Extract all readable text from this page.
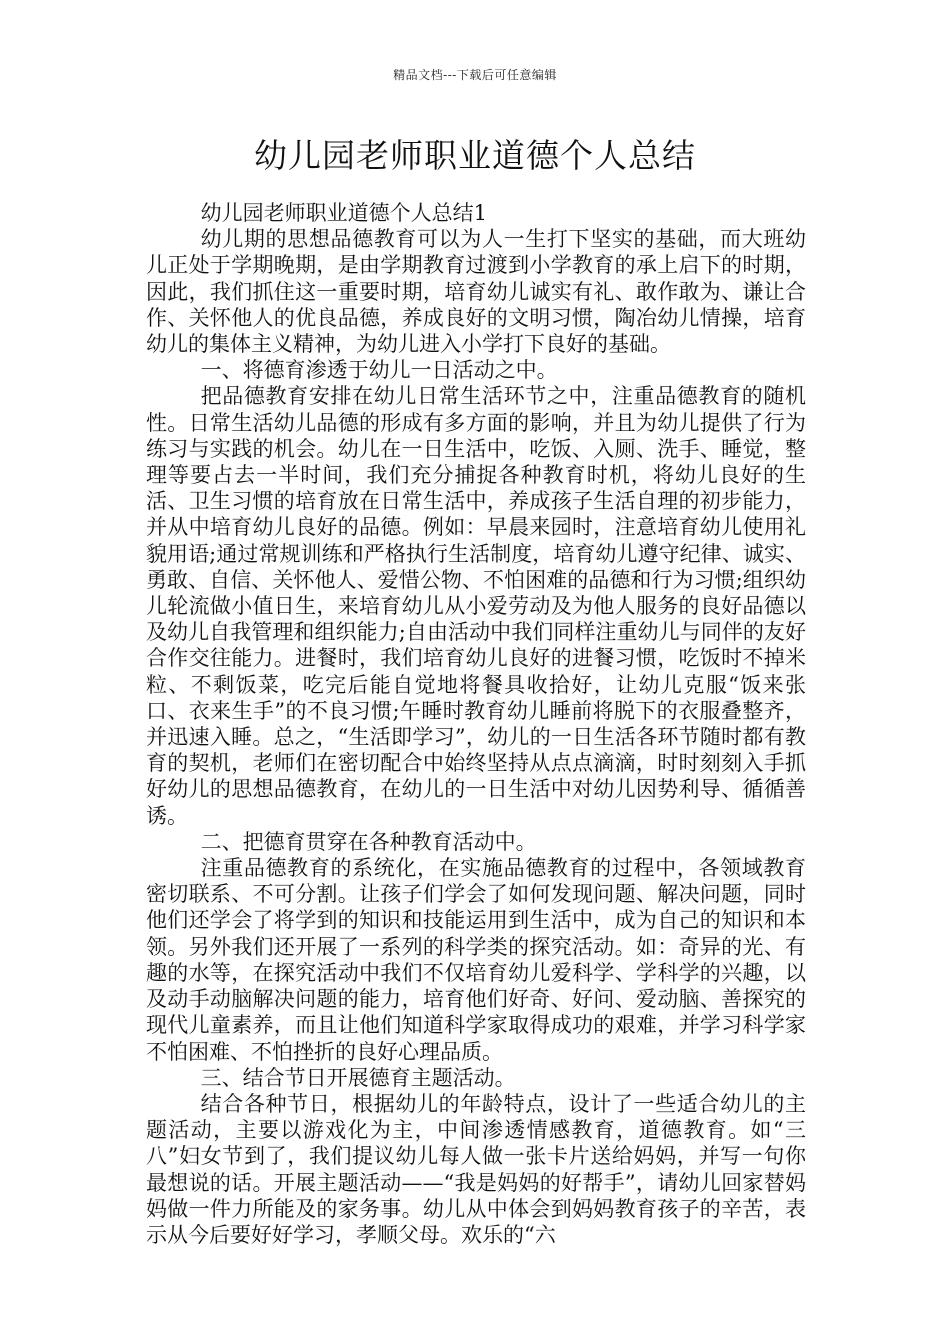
精品文档---下载后可任意编辑
幼儿园老师职业道德个人总结

幼儿园老师职业道德个人总结1

幼儿期的思想品德教育可以为人一生打下坚实的基础，而大班幼儿正处于学期晚期，是由学期教育过渡到小学教育的承上启下的时期，因此，我们抓住这一重要时期，培育幼儿诚实有礼、敢作敢为、谦让合作、关怀他人的优良品德，养成良好的文明习惯，陶冶幼儿情操，培育幼儿的集体主义精神，为幼儿进入小学打下良好的基础。

一、将德育渗透于幼儿一日活动之中。

把品德教育安排在幼儿日常生活环节之中，注重品德教育的随机性。日常生活幼儿品德的形成有多方面的影响，并且为幼儿提供了行为练习与实践的机会。幼儿在一日生活中，吃饭、入厕、洗手、睡觉，整理等要占去一半时间，我们充分捕捉各种教育时机，将幼儿良好的生活、卫生习惯的培育放在日常生活中，养成孩子生活自理的初步能力，并从中培育幼儿良好的品德。例如：早晨来园时，注意培育幼儿使用礼貌用语;通过常规训练和严格执行生活制度，培育幼儿遵守纪律、诚实、勇敢、自信、关怀他人、爱惜公物、不怕困难的品德和行为习惯;组织幼儿轮流做小值日生，来培育幼儿从小爱劳动及为他人服务的良好品德以及幼儿自我管理和组织能力;自由活动中我们同样注重幼儿与同伴的友好合作交往能力。进餐时，我们培育幼儿良好的进餐习惯，吃饭时不掉米粒、不剩饭菜，吃完后能自觉地将餐具收拾好，让幼儿克服“饭来张口、衣来生手”的不良习惯;午睡时教育幼儿睡前将脱下的衣服叠整齐，并迅速入睡。总之，“生活即学习”，幼儿的一日生活各环节随时都有教育的契机，老师们在密切配合中始终坚持从点点滴滴，时时刻刻入手抓好幼儿的思想品德教育，在幼儿的一日生活中对幼儿因势利导、循循善诱。

二、把德育贯穿在各种教育活动中。

注重品德教育的系统化，在实施品德教育的过程中，各领域教育密切联系、不可分割。让孩子们学会了如何发现问题、解决问题，同时他们还学会了将学到的知识和技能运用到生活中，成为自己的知识和本领。另外我们还开展了一系列的科学类的探究活动。如：奇异的光、有趣的水等，在探究活动中我们不仅培育幼儿爱科学、学科学的兴趣，以及动手动脑解决问题的能力，培育他们好奇、好问、爱动脑、善探究的现代儿童素养，而且让他们知道科学家取得成功的艰难，并学习科学家不怕困难、不怕挫折的良好心理品质。

三、结合节日开展德育主题活动。

结合各种节日，根据幼儿的年龄特点，设计了一些适合幼儿的主题活动，主要以游戏化为主，中间渗透情感教育，道德教育。如“三八”妇女节到了，我们提议幼儿每人做一张卡片送给妈妈，并写一句你最想说的话。开展主题活动——“我是妈妈的好帮手”，请幼儿回家替妈妈做一件力所能及的家务事。幼儿从中体会到妈妈教育孩子的辛苦，表示从今后要好好学习，孝顺父母。欢乐的“六
